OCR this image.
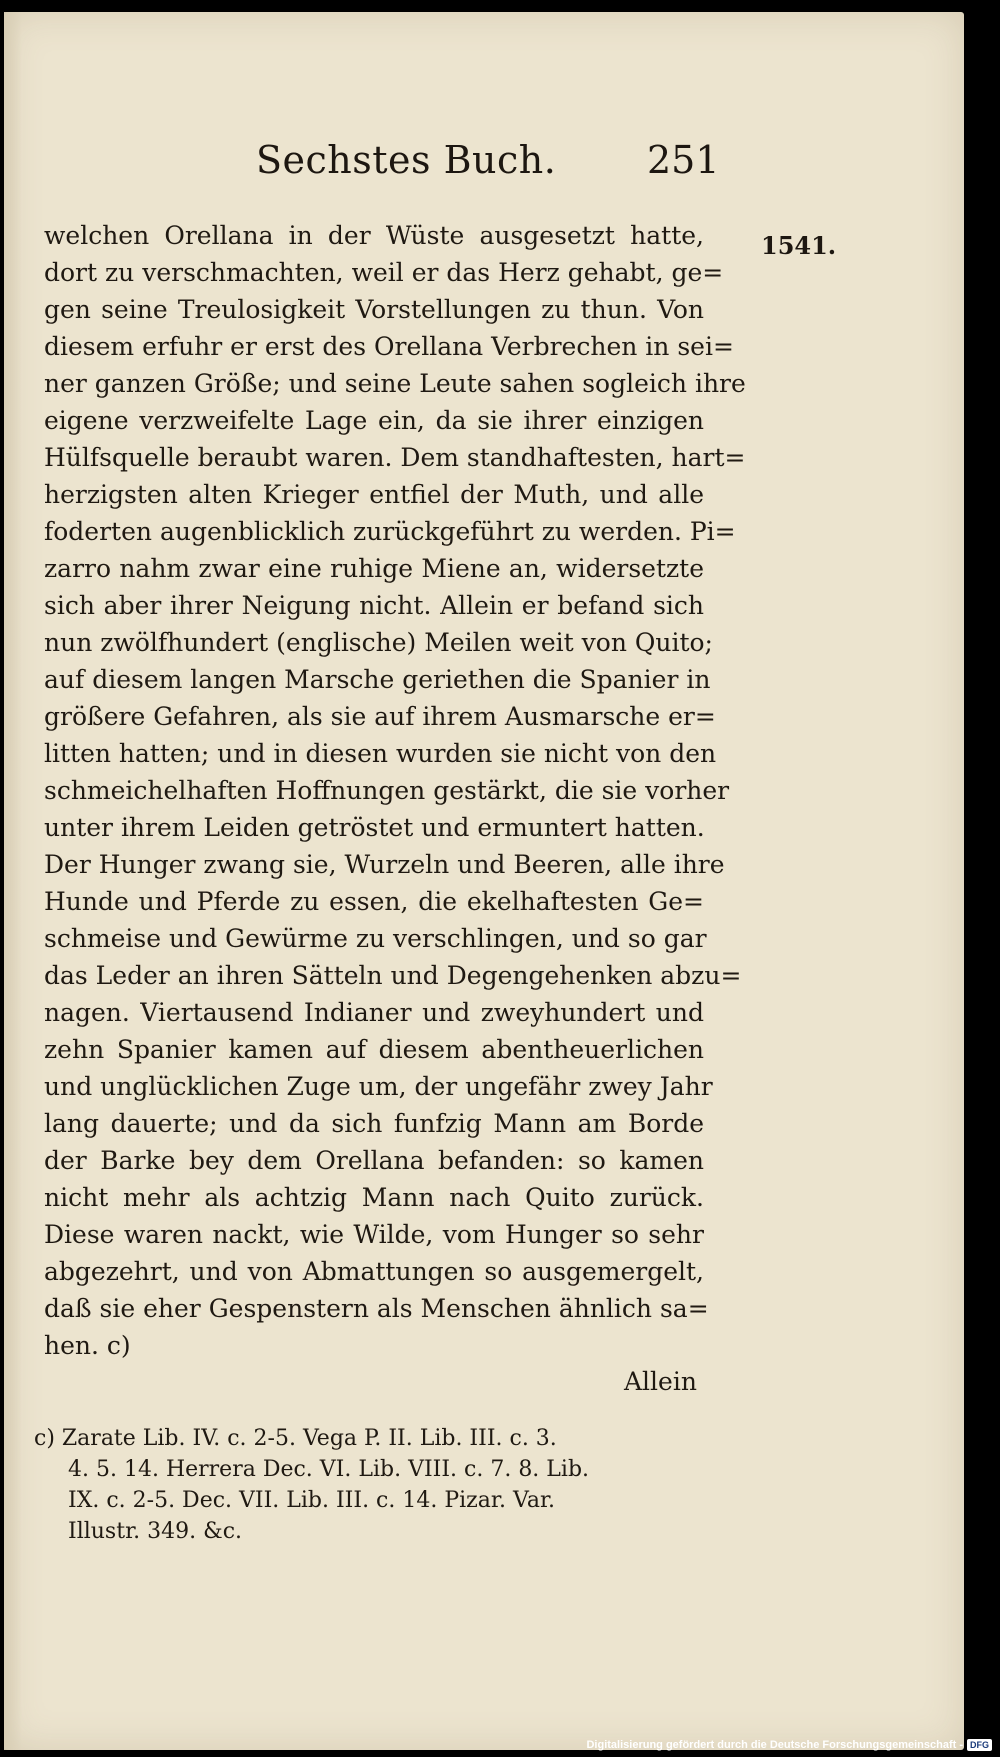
Sechstes Buch. 251
1541.
welchen Orellana in der Wüste ausgesetzt hatte,
dort zu verschmachten, weil er das Herz gehabt, ge=
gen seine Treulosigkeit Vorstellungen zu thun. Von
diesem erfuhr er erst des Orellana Verbrechen in sei=
ner ganzen Größe; und seine Leute sahen sogleich ihre
eigene verzweifelte Lage ein, da sie ihrer einzigen
Hülfsquelle beraubt waren. Dem standhaftesten, hart=
herzigsten alten Krieger entfiel der Muth, und alle
foderten augenblicklich zurückgeführt zu werden. Pi=
zarro nahm zwar eine ruhige Miene an, widersetzte
sich aber ihrer Neigung nicht. Allein er befand sich
nun zwölfhundert (englische) Meilen weit von Quito;
auf diesem langen Marsche geriethen die Spanier in
größere Gefahren, als sie auf ihrem Ausmarsche er=
litten hatten; und in diesen wurden sie nicht von den
schmeichelhaften Hoffnungen gestärkt, die sie vorher
unter ihrem Leiden getröstet und ermuntert hatten.
Der Hunger zwang sie, Wurzeln und Beeren, alle ihre
Hunde und Pferde zu essen, die ekelhaftesten Ge=
schmeise und Gewürme zu verschlingen, und so gar
das Leder an ihren Sätteln und Degengehenken abzu=
nagen. Viertausend Indianer und zweyhundert und
zehn Spanier kamen auf diesem abentheuerlichen
und unglücklichen Zuge um, der ungefähr zwey Jahr
lang dauerte; und da sich funfzig Mann am Borde
der Barke bey dem Orellana befanden: so kamen
nicht mehr als achtzig Mann nach Quito zurück.
Diese waren nackt, wie Wilde, vom Hunger so sehr
abgezehrt, und von Abmattungen so ausgemergelt,
daß sie eher Gespenstern als Menschen ähnlich sa=
hen. c)
Allein
c) Zarate Lib. IV. c. 2-5. Vega P. II. Lib. III. c. 3.
4. 5. 14. Herrera Dec. VI. Lib. VIII. c. 7. 8. Lib.
IX. c. 2-5. Dec. VII. Lib. III. c. 14. Pizar. Var.
Illustr. 349. &c.
Digitalisierung gefördert durch die Deutsche Forschungsgemeinschaft - DFG
